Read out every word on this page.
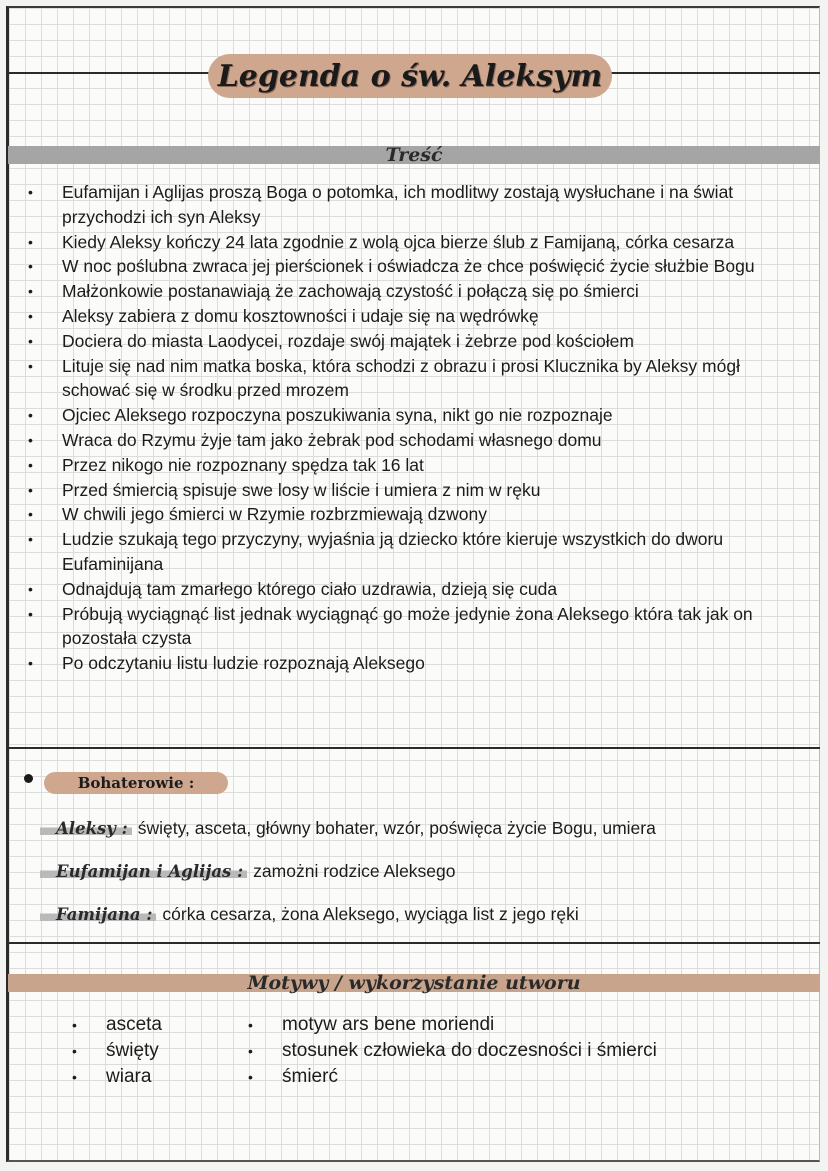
Legenda o św. Aleksym
Treść
• Eufamijan i Aglijas proszą Boga o potomka, ich modlitwy zostają wysłuchane i na świat przychodzi ich syn Aleksy
• Kiedy Aleksy kończy 24 lata zgodnie z wolą ojca bierze ślub z Famijaną, córka cesarza
• W noc poślubna zwraca jej pierścionek i oświadcza że chce poświęcić życie służbie Bogu
• Małżonkowie postanawiają że zachowają czystość i połączą się po śmierci
• Aleksy zabiera z domu kosztowności i udaje się na wędrówkę
• Dociera do miasta Laodycei, rozdaje swój majątek i żebrze pod kościołem
• Lituje się nad nim matka boska, która schodzi z obrazu i prosi Klucznika by Aleksy mógł schować się w środku przed mrozem
• Ojciec Aleksego rozpoczyna poszukiwania syna, nikt go nie rozpoznaje
• Wraca do Rzymu żyje tam jako żebrak pod schodami własnego domu
• Przez nikogo nie rozpoznany spędza tak 16 lat
• Przed śmiercią spisuje swe losy w liście i umiera z nim w ręku
• W chwili jego śmierci w Rzymie rozbrzmiewają dzwony
• Ludzie szukają tego przyczyny, wyjaśnia ją dziecko które kieruje wszystkich do dworu Eufaminijana
• Odnajdują tam zmarłego którego ciało uzdrawia, dzieją się cuda
• Próbują wyciągnąć list jednak wyciągnąć go może jedynie żona Aleksego która tak jak on pozostała czysta
• Po odczytaniu listu ludzie rozpoznają Aleksego
Bohaterowie :
Aleksy : święty, asceta, główny bohater, wzór, poświęca życie Bogu, umiera
Eufamijan i Aglijas : zamożni rodzice Aleksego
Famijana : córka cesarza, żona Aleksego, wyciąga list z jego ręki
Motywy / wykorzystanie utworu
• asceta
• święty
• wiara
• motyw ars bene moriendi
• stosunek człowieka do doczesności i śmierci
• śmierć
